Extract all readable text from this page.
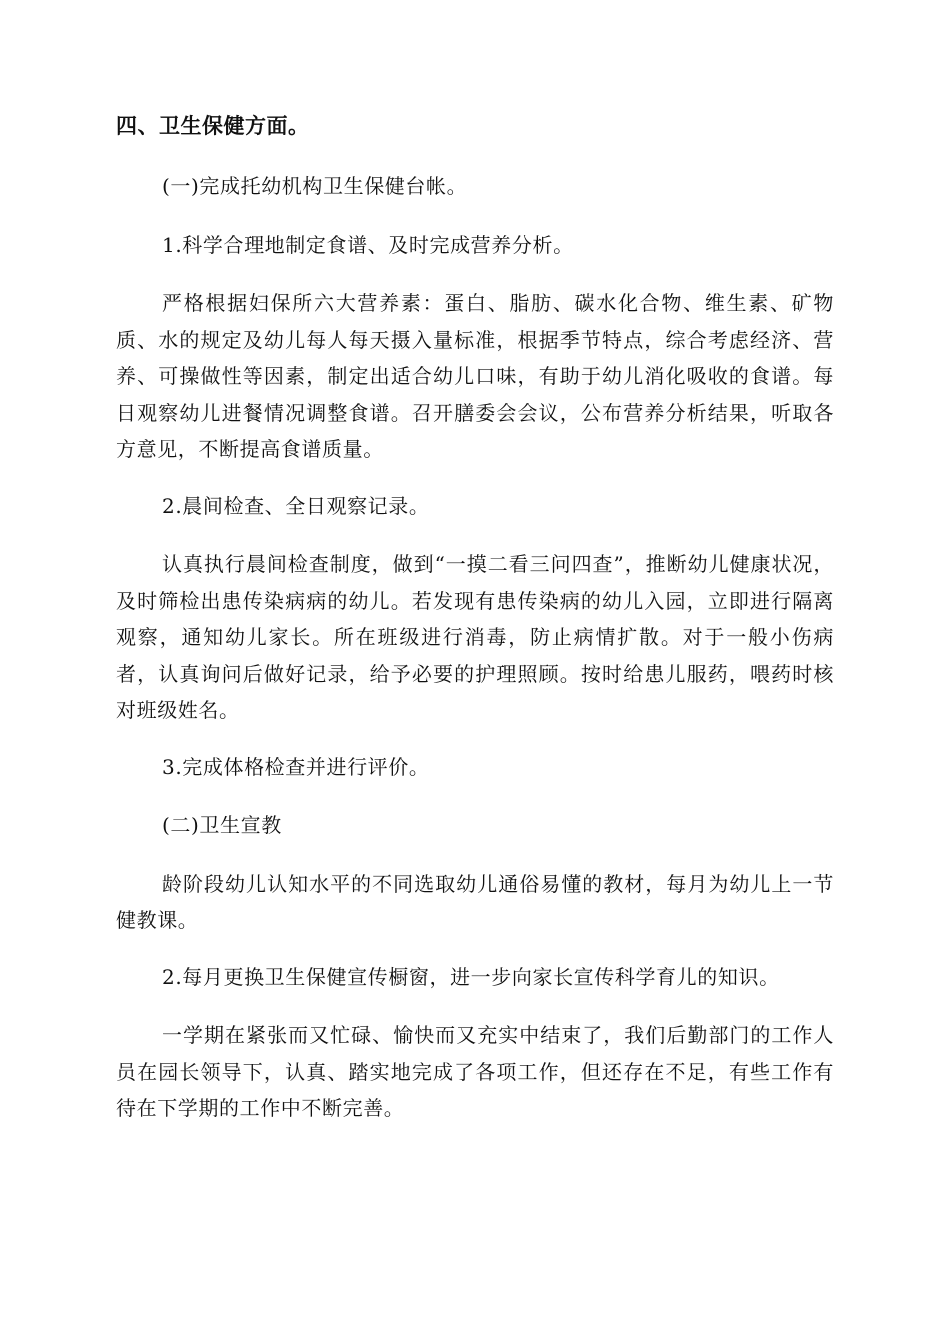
四、卫生保健方面。

(一)完成托幼机构卫生保健台帐。

1.科学合理地制定食谱、及时完成营养分析。

严格根据妇保所六大营养素：蛋白、脂肪、碳水化合物、维生素、矿物质、水的规定及幼儿每人每天摄入量标准，根据季节特点，综合考虑经济、营养、可操做性等因素，制定出适合幼儿口味，有助于幼儿消化吸收的食谱。每日观察幼儿进餐情况调整食谱。召开膳委会会议，公布营养分析结果，听取各方意见，不断提高食谱质量。

2.晨间检查、全日观察记录。

认真执行晨间检查制度，做到“一摸二看三问四查”，推断幼儿健康状况，及时筛检出患传染病病的幼儿。若发现有患传染病的幼儿入园，立即进行隔离观察，通知幼儿家长。所在班级进行消毒，防止病情扩散。对于一般小伤病者，认真询问后做好记录，给予必要的护理照顾。按时给患儿服药，喂药时核对班级姓名。

3.完成体格检查并进行评价。

(二)卫生宣教

龄阶段幼儿认知水平的不同选取幼儿通俗易懂的教材，每月为幼儿上一节健教课。

2.每月更换卫生保健宣传橱窗，进一步向家长宣传科学育儿的知识。

一学期在紧张而又忙碌、愉快而又充实中结束了，我们后勤部门的工作人员在园长领导下，认真、踏实地完成了各项工作，但还存在不足，有些工作有待在下学期的工作中不断完善。
